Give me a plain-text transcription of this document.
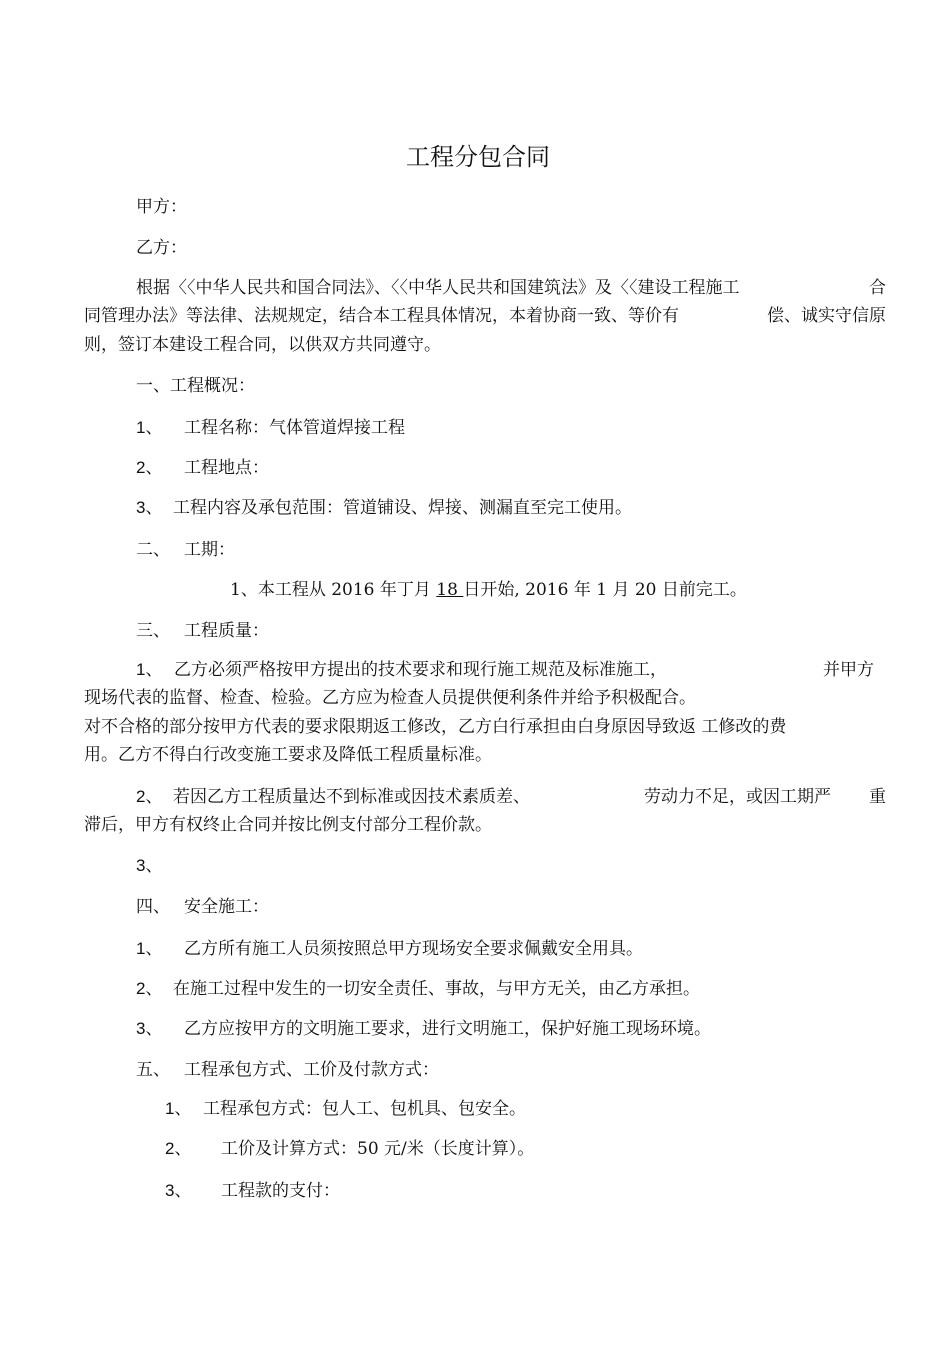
工程分包合同
甲方：
乙方：
根据〈〈中华人民共和国合同法》、〈〈中华人民共和国建筑法》及〈〈建设工程施工	合
同管理办法》等法律、法规规定，结合本工程具体情况，本着协商一致、等价有	偿、诚实守信原
则，签订本建设工程合同，以供双方共同遵守。
一、工程概况：
1、 工程名称：气体管道焊接工程
2、 工程地点：
3、 工程内容及承包范围：管道铺设、焊接、测漏直至完工使用。
二、 工期：
1、本工程从 2016 年丁月 18 日开始, 2016 年 1 月 20 日前完工。
三、 工程质量：
1、 乙方必须严格按甲方提出的技术要求和现行施工规范及标准施工，	并甲方
现场代表的监督、检查、检验。乙方应为检查人员提供便利条件并给予积极配合。
对不合格的部分按甲方代表的要求限期返工修改，乙方白行承担由白身原因导致返 工修改的费
用。乙方不得白行改变施工要求及降低工程质量标准。
2、 若因乙方工程质量达不到标准或因技术素质差、	劳动力不足，或因工期严 重
滞后，甲方有权终止合同并按比例支付部分工程价款。
3、
四、 安全施工：
1、 乙方所有施工人员须按照总甲方现场安全要求佩戴安全用具。
2、 在施工过程中发生的一切安全责任、事故，与甲方无关，由乙方承担。
3、 乙方应按甲方的文明施工要求，进行文明施工，保护好施工现场环境。
五、 工程承包方式、工价及付款方式：
1、 工程承包方式：包人工、包机具、包安全。
2、 工价及计算方式：50 元/米（长度计算）。
3、 工程款的支付：
